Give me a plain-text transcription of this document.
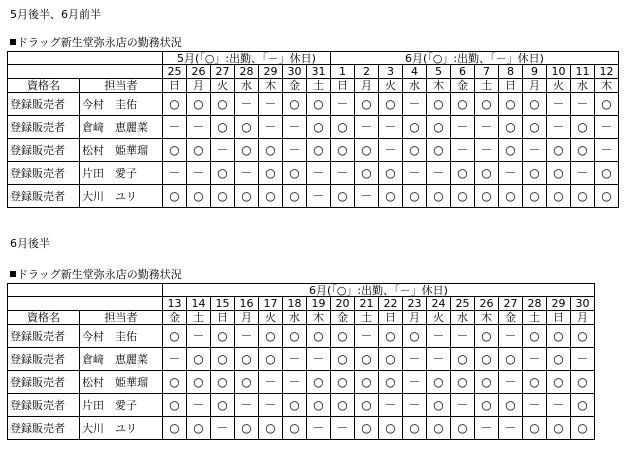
5月後半、6月前半
ドラッグ新生堂弥永店の勤務状況
		5月(「○」:出勤、「－」休日)							6月(「○」:出勤、「－」休日)											
		25	26	27	28	29	30	31	1	2	3	4	5	6	7	8	9	10	11	12
資格名	担当者	日	月	火	水	木	金	土	日	月	火	水	木	金	土	日	月	火	水	木
登録販売者	今村　圭佑	○	○	○	－	－	○	○	－	○	○	－	○	○	○	○	○	－	－	○
登録販売者	倉﨑　恵麗菜	－	－	○	○	－	－	○	○	－	－	○	○	－	－	○	○	－	○	－
登録販売者	松村　姫華瑠	○	○	－	○	○	－	○	○	○	－	○	○	－	－	○	－	○	○	－
登録販売者	片田　愛子	－	－	○	－	○	○	－	－	○	○	－	－	○	○	－	○	○	－	○
登録販売者	大川　ユリ	○	○	○	○	○	○	－	○	－	○	○	○	○	○	○	○	○	○	○
6月後半
ドラッグ新生堂弥永店の勤務状況
		6月(「○」:出勤、「－」休日)																	
		13	14	15	16	17	18	19	20	21	22	23	24	25	26	27	28	29	30
資格名	担当者	金	土	日	月	火	水	木	金	土	日	月	火	水	木	金	土	日	月
登録販売者	今村　圭佑	○	－	○	－	○	○	○	○	－	○	○	－	－	○	－	○	○	○
登録販売者	倉﨑　恵麗菜	－	○	○	○	○	－	－	○	○	○	－	－	○	○	○	－	○	－
登録販売者	松村　姫華瑠	○	○	○	○	－	－	○	○	○	○	－	○	○	○	－	○	○	○
登録販売者	片田　愛子	○	－	○	－	－	○	○	○	○	－	－	○	－	○	○	－	－	○
登録販売者	大川　ユリ	○	○	－	○	○	○	－	－	○	○	○	○	○	－	－	○	○	○
